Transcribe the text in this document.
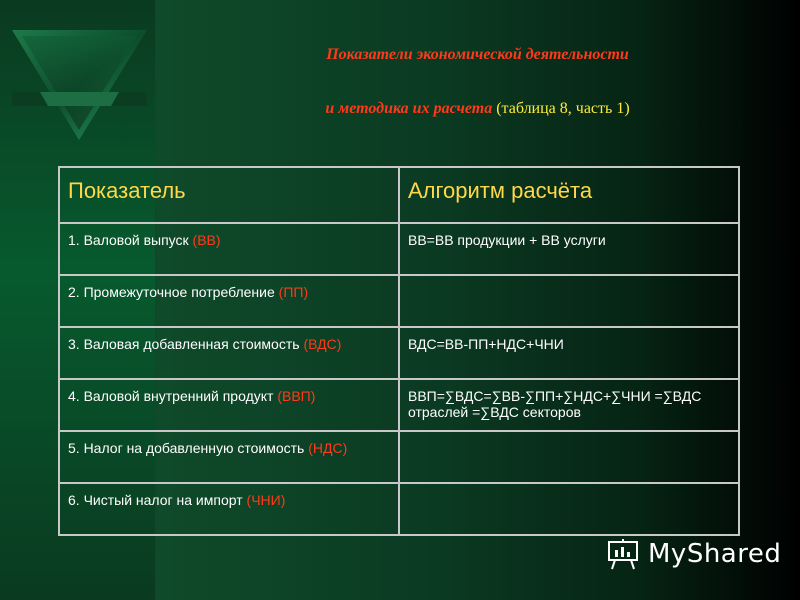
Показатели экономической деятельности
и методика их расчета (таблица 8, часть 1)
Показатель	Алгоритм расчёта
1. Валовой выпуск (ВВ)	ВВ=ВВ продукции + ВВ услуги
2. Промежуточное потребление (ПП)	
3. Валовая добавленная стоимость (ВДС)	ВДС=ВВ-ПП+НДС+ЧНИ
4. Валовой внутренний продукт (ВВП)	ВВП=∑ВДС=∑ВВ-∑ПП+∑НДС+∑ЧНИ =∑ВДС отраслей =∑ВДС секторов
5. Налог на добавленную стоимость (НДС)	
6. Чистый налог на импорт (ЧНИ)	
MyShared
